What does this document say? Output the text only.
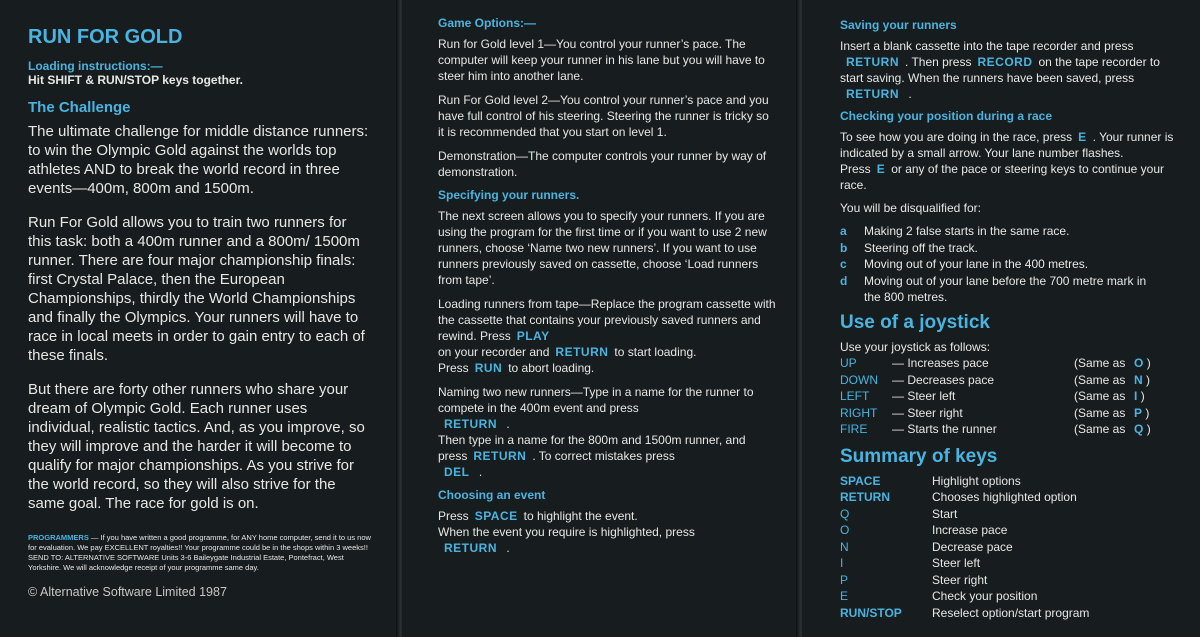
RUN FOR GOLD

Loading instructions:—

Hit SHIFT & RUN/STOP keys together.

The Challenge

The ultimate challenge for middle distance runners: to win the Olympic Gold against the worlds top athletes AND to break the world record in three events—400m, 800m and 1500m.

Run For Gold allows you to train two runners for this task: both a 400m runner and a 800m/ 1500m runner. There are four major championship finals: first Crystal Palace, then the European Championships, thirdly the World Championships and finally the Olympics. Your runners will have to race in local meets in order to gain entry to each of these finals.

But there are forty other runners who share your dream of Olympic Gold. Each runner uses individual, realistic tactics. And, as you improve, so they will improve and the harder it will become to qualify for major championships. As you strive for the world record, so they will also strive for the same goal. The race for gold is on.

PROGRAMMERS — If you have written a good programme, for ANY home computer, send it to us now for evaluation. We pay EXCELLENT royalties!! Your programme could be in the shops within 3 weeks!! SEND TO: ALTERNATIVE SOFTWARE Units 3-6 Baileygate Industrial Estate, Pontefract, West Yorkshire. We will acknowledge receipt of your programme same day.

© Alternative Software Limited 1987
Game Options:—

Run for Gold level 1—You control your runner’s pace. The computer will keep your runner in his lane but you will have to steer him into another lane.

Run For Gold level 2—You control your runner’s pace and you have full control of his steering. Steering the runner is tricky so it is recommended that you start on level 1.

Demonstration—The computer controls your runner by way of demonstration.

Specifying your runners.

The next screen allows you to specify your runners. If you are using the program for the first time or if you want to use 2 new runners, choose ‘Name two new runners’. If you want to use runners previously saved on cassette, choose ‘Load runners from tape’.

Loading runners from tape—Replace the program cassette with the cassette that contains your previously saved runners and rewind. Press PLAY
on your recorder and RETURN to start loading.
Press RUN to abort loading.

Naming two new runners—Type in a name for the runner to compete in the 400m event and press
RETURN .
Then type in a name for the 800m and 1500m runner, and press RETURN . To correct mistakes press
DEL .

Choosing an event

Press SPACE to highlight the event.
When the event you require is highlighted, press
RETURN .

Saving your runners

Insert a blank cassette into the tape recorder and press
RETURN . Then press RECORD on the tape recorder to start saving. When the runners have been saved, press
RETURN .

Checking your position during a race

To see how you are doing in the race, press E . Your runner is indicated by a small arrow. Your lane number flashes. Press E or any of the pace or steering keys to continue your race.

You will be disqualified for:

a Making 2 false starts in the same race.
b Steering off the track.
c Moving out of your lane in the 400 metres.
d Moving out of your lane before the 700 metre mark in the 800 metres.
Use of a joystick
Use your joystick as follows:
UP	— Increases pace	(Same as O )
DOWN — Decreases pace	(Same as N )
LEFT — Steer left	(Same as I )
RIGHT — Steer right	(Same as P )
FIRE — Starts the runner	(Same as Q )
Summary of keys
SPACE	Highlight options
RETURN	Chooses highlighted option
Q	Start
O	Increase pace
N	Decrease pace
I	Steer left
P	Steer right
E	Check your position
RUN/STOP	Reselect option/start program
